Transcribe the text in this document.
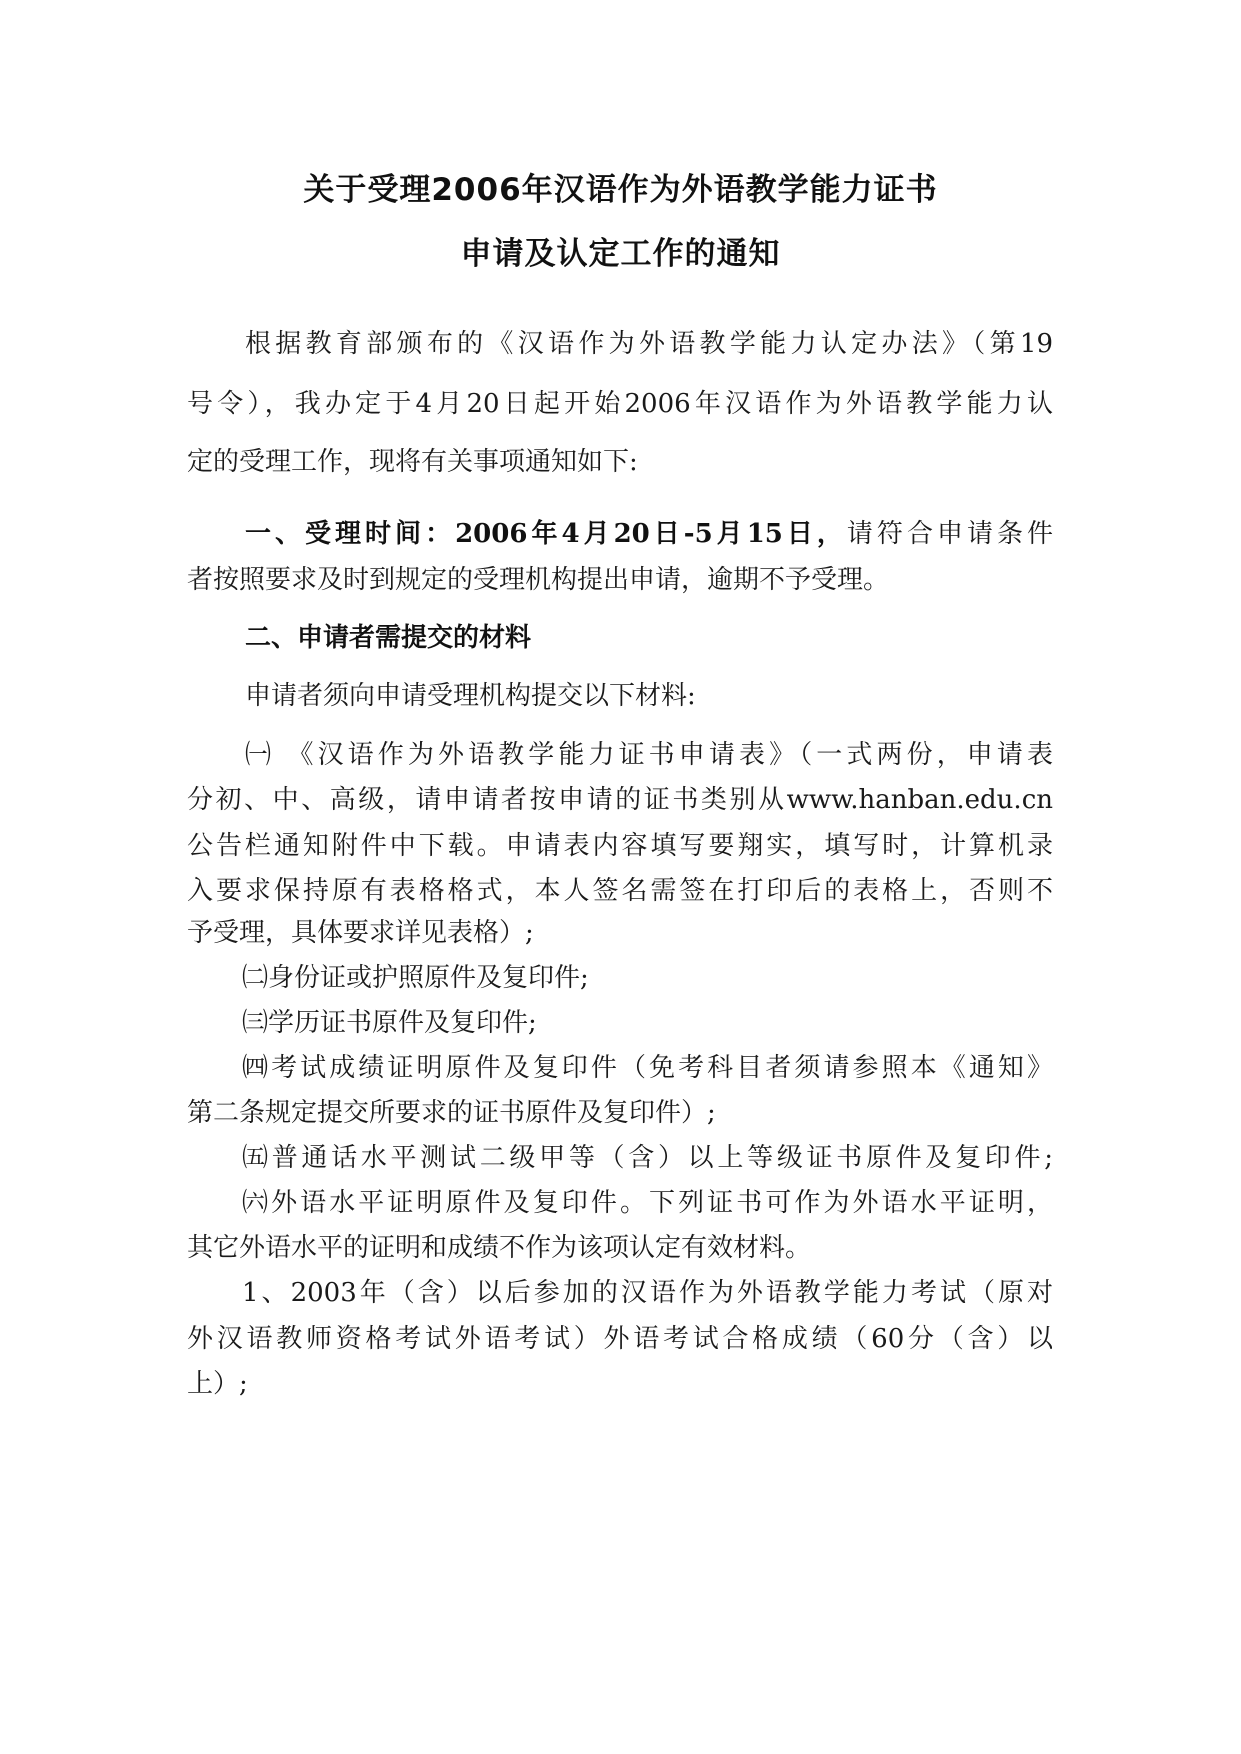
关于受理2006年汉语作为外语教学能力证书
申请及认定工作的通知
根据教育部颁布的《汉语作为外语教学能力认定办法》（第19
号令），我办定于4月20日起开始2006年汉语作为外语教学能力认
定的受理工作，现将有关事项通知如下:
一、受理时间：2006年4月20日-5月15日，请符合申请条件
者按照要求及时到规定的受理机构提出申请，逾期不予受理。
二、申请者需提交的材料
申请者须向申请受理机构提交以下材料:
㈠ 《汉语作为外语教学能力证书申请表》（一式两份，申请表
分初、中、高级，请申请者按申请的证书类别从www.hanban.edu.cn
公告栏通知附件中下载。申请表内容填写要翔实，填写时，计算机录
入要求保持原有表格格式，本人签名需签在打印后的表格上，否则不
予受理，具体要求详见表格）;
㈡身份证或护照原件及复印件;
㈢学历证书原件及复印件;
㈣考试成绩证明原件及复印件（免考科目者须请参照本《通知》
第二条规定提交所要求的证书原件及复印件）;
㈤普通话水平测试二级甲等（含）以上等级证书原件及复印件;
㈥外语水平证明原件及复印件。下列证书可作为外语水平证明，
其它外语水平的证明和成绩不作为该项认定有效材料。
1、2003年（含）以后参加的汉语作为外语教学能力考试（原对
外汉语教师资格考试外语考试）外语考试合格成绩（60分（含）以
上）;
